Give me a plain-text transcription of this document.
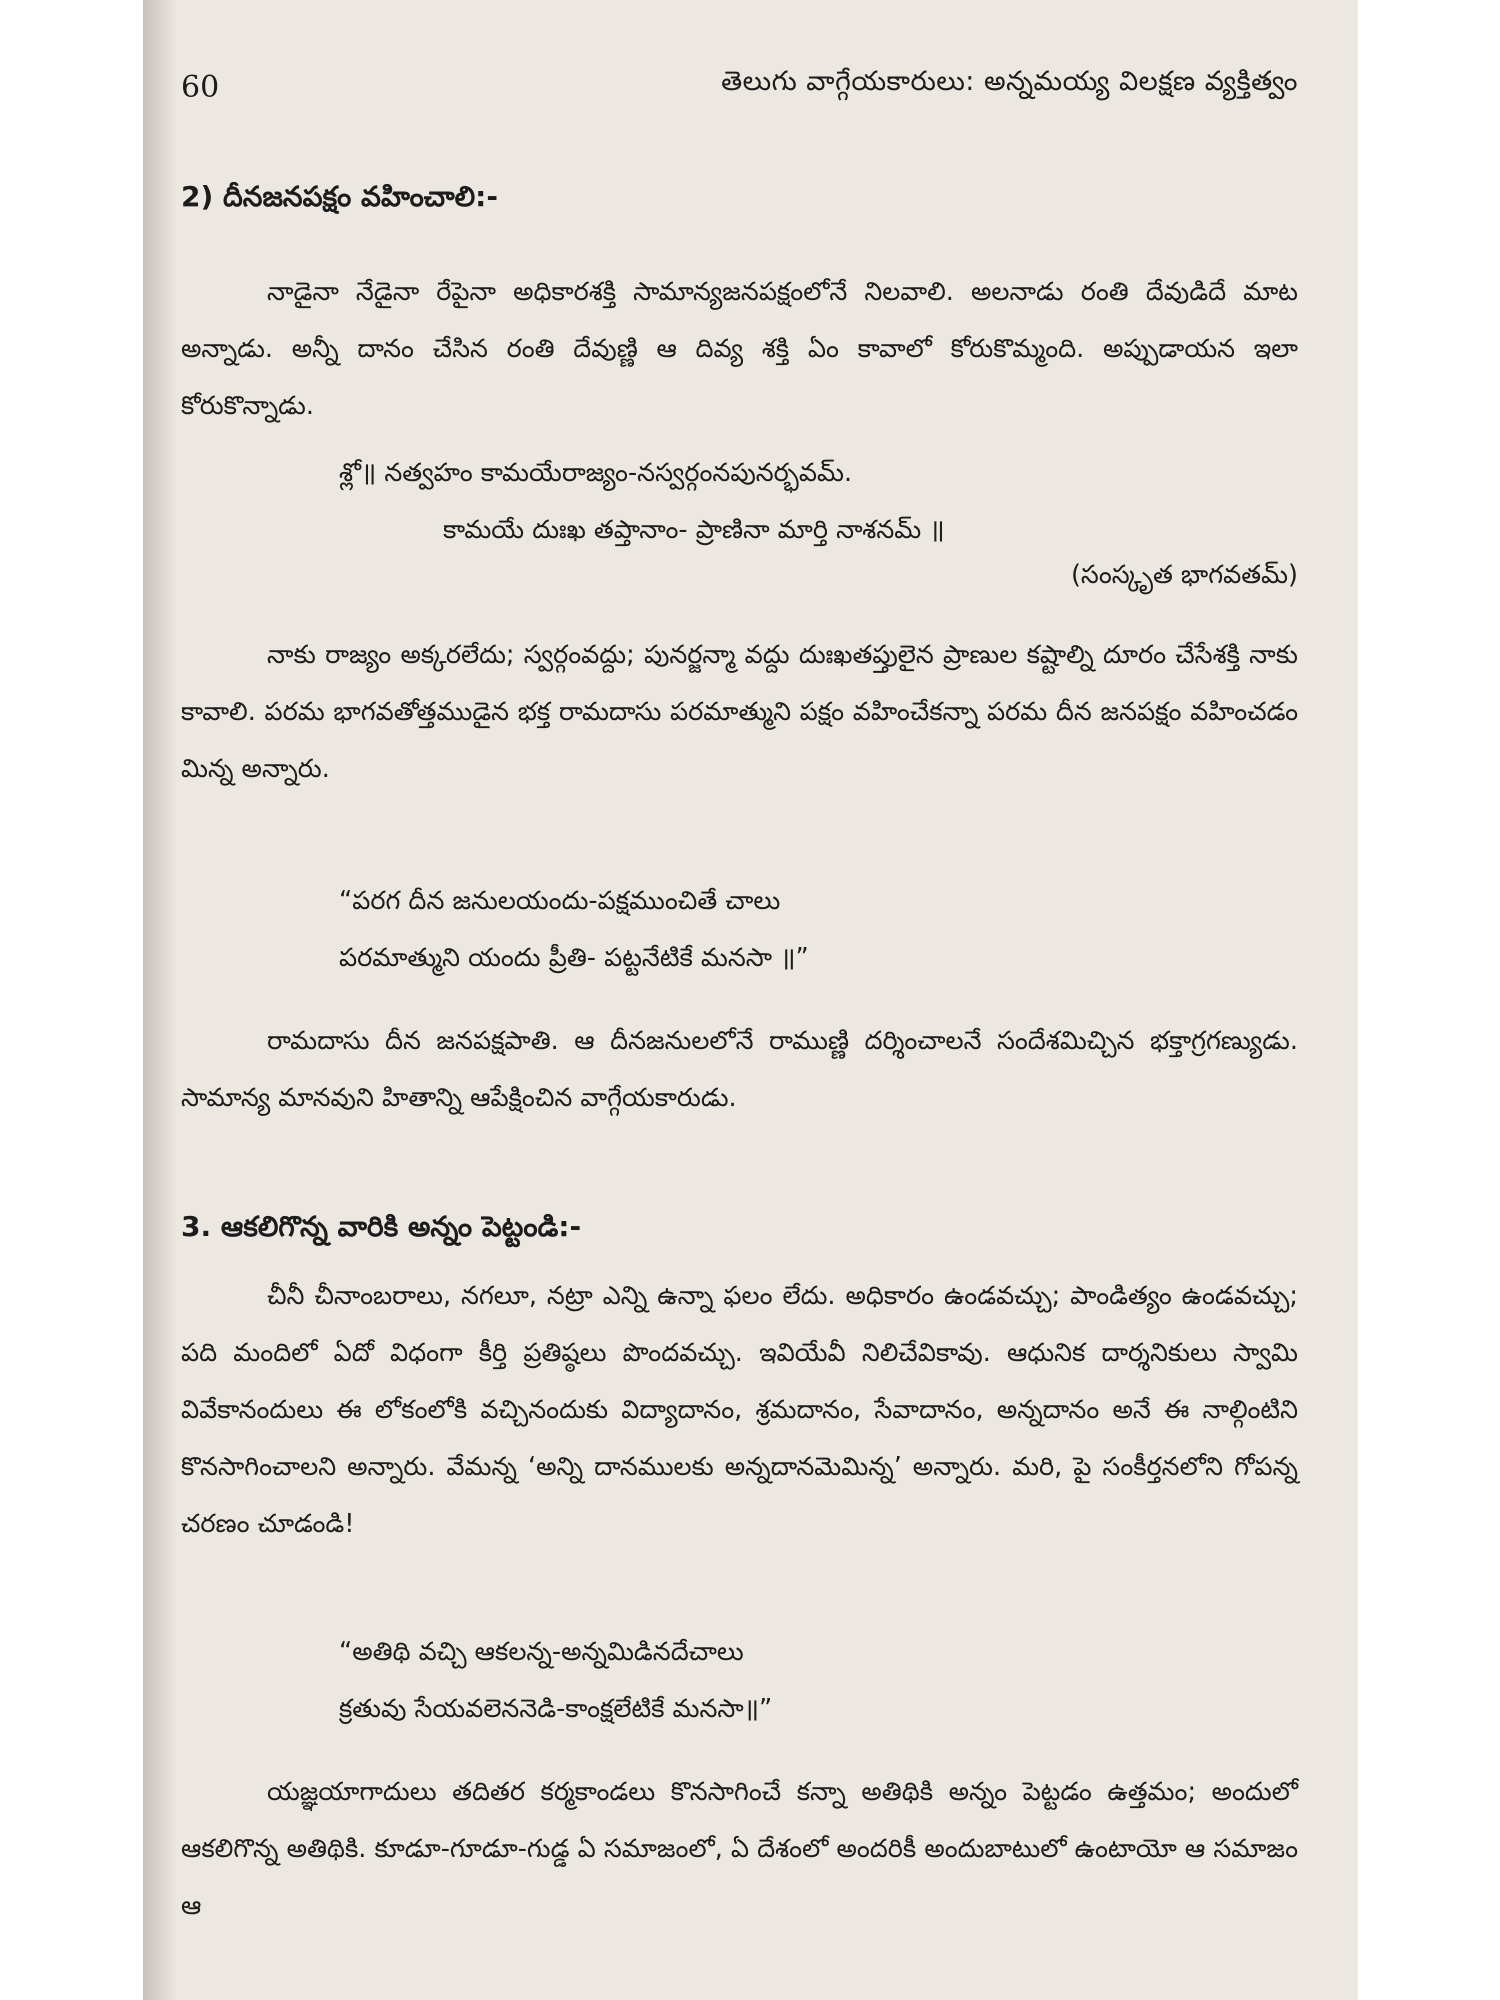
60	తెలుగు వాగ్గేయకారులు: అన్నమయ్య విలక్షణ వ్యక్తిత్వం
2) దీనజనపక్షం వహించాలి:-

నాడైనా నేడైనా రేపైనా అధికారశక్తి సామాన్యజనపక్షంలోనే నిలవాలి. అలనాడు రంతి దేవుడిదే మాట అన్నాడు. అన్నీ దానం చేసిన రంతి దేవుణ్ణి ఆ దివ్య శక్తి ఏం కావాలో కోరుకొమ్మంది. అప్పుడాయన ఇలా కోరుకొన్నాడు.

శ్లో॥ నత్వహం కామయేరాజ్యం-నస్వర్గంనపునర్భవమ్.
కామయే దుఃఖ తప్తానాం- ప్రాణినా మార్తి నాశనమ్ ॥
(సంస్కృత భాగవతమ్)

నాకు రాజ్యం అక్కరలేదు; స్వర్గంవద్దు; పునర్జన్మా వద్దు దుఃఖతప్తులైన ప్రాణుల కష్టాల్ని దూరం చేసేశక్తి నాకు కావాలి. పరమ భాగవతోత్తముడైన భక్త రామదాసు పరమాత్ముని పక్షం వహించేకన్నా పరమ దీన జనపక్షం వహించడం మిన్న అన్నారు.

“పరగ దీన జనులయందు-పక్షముంచితే చాలు
పరమాత్ముని యందు ప్రీతి- పట్టనేటికే మనసా ॥”

రామదాసు దీన జనపక్షపాతి. ఆ దీనజనులలోనే రాముణ్ణి దర్శించాలనే సందేశమిచ్చిన భక్తాగ్రగణ్యుడు. సామాన్య మానవుని హితాన్ని ఆపేక్షించిన వాగ్గేయకారుడు.

3. ఆకలిగొన్న వారికి అన్నం పెట్టండి:-

చీనీ చీనాంబరాలు, నగలూ, నట్రా ఎన్ని ఉన్నా ఫలం లేదు. అధికారం ఉండవచ్చు; పాండిత్యం ఉండవచ్చు; పది మందిలో ఏదో విధంగా కీర్తి ప్రతిష్ఠలు పొందవచ్చు. ఇవియేవీ నిలిచేవికావు. ఆధునిక దార్శనికులు స్వామి వివేకానందులు ఈ లోకంలోకి వచ్చినందుకు విద్యాదానం, శ్రమదానం, సేవాదానం, అన్నదానం అనే ఈ నాల్గింటిని కొనసాగించాలని అన్నారు. వేమన్న ‘అన్ని దానములకు అన్నదానమెమిన్న’ అన్నారు. మరి, పై సంకీర్తనలోని గోపన్న చరణం చూడండి!

“అతిథి వచ్చి ఆకలన్న-అన్నమిడినదేచాలు
క్రతువు సేయవలెననెడి-కాంక్షలేటికే మనసా॥”

యజ్ఞయాగాదులు తదితర కర్మకాండలు కొనసాగించే కన్నా అతిథికి అన్నం పెట్టడం ఉత్తమం; అందులో ఆకలిగొన్న అతిథికి. కూడూ-గూడూ-గుడ్డ ఏ సమాజంలో, ఏ దేశంలో అందరికీ అందుబాటులో ఉంటాయో ఆ సమాజం ఆ
